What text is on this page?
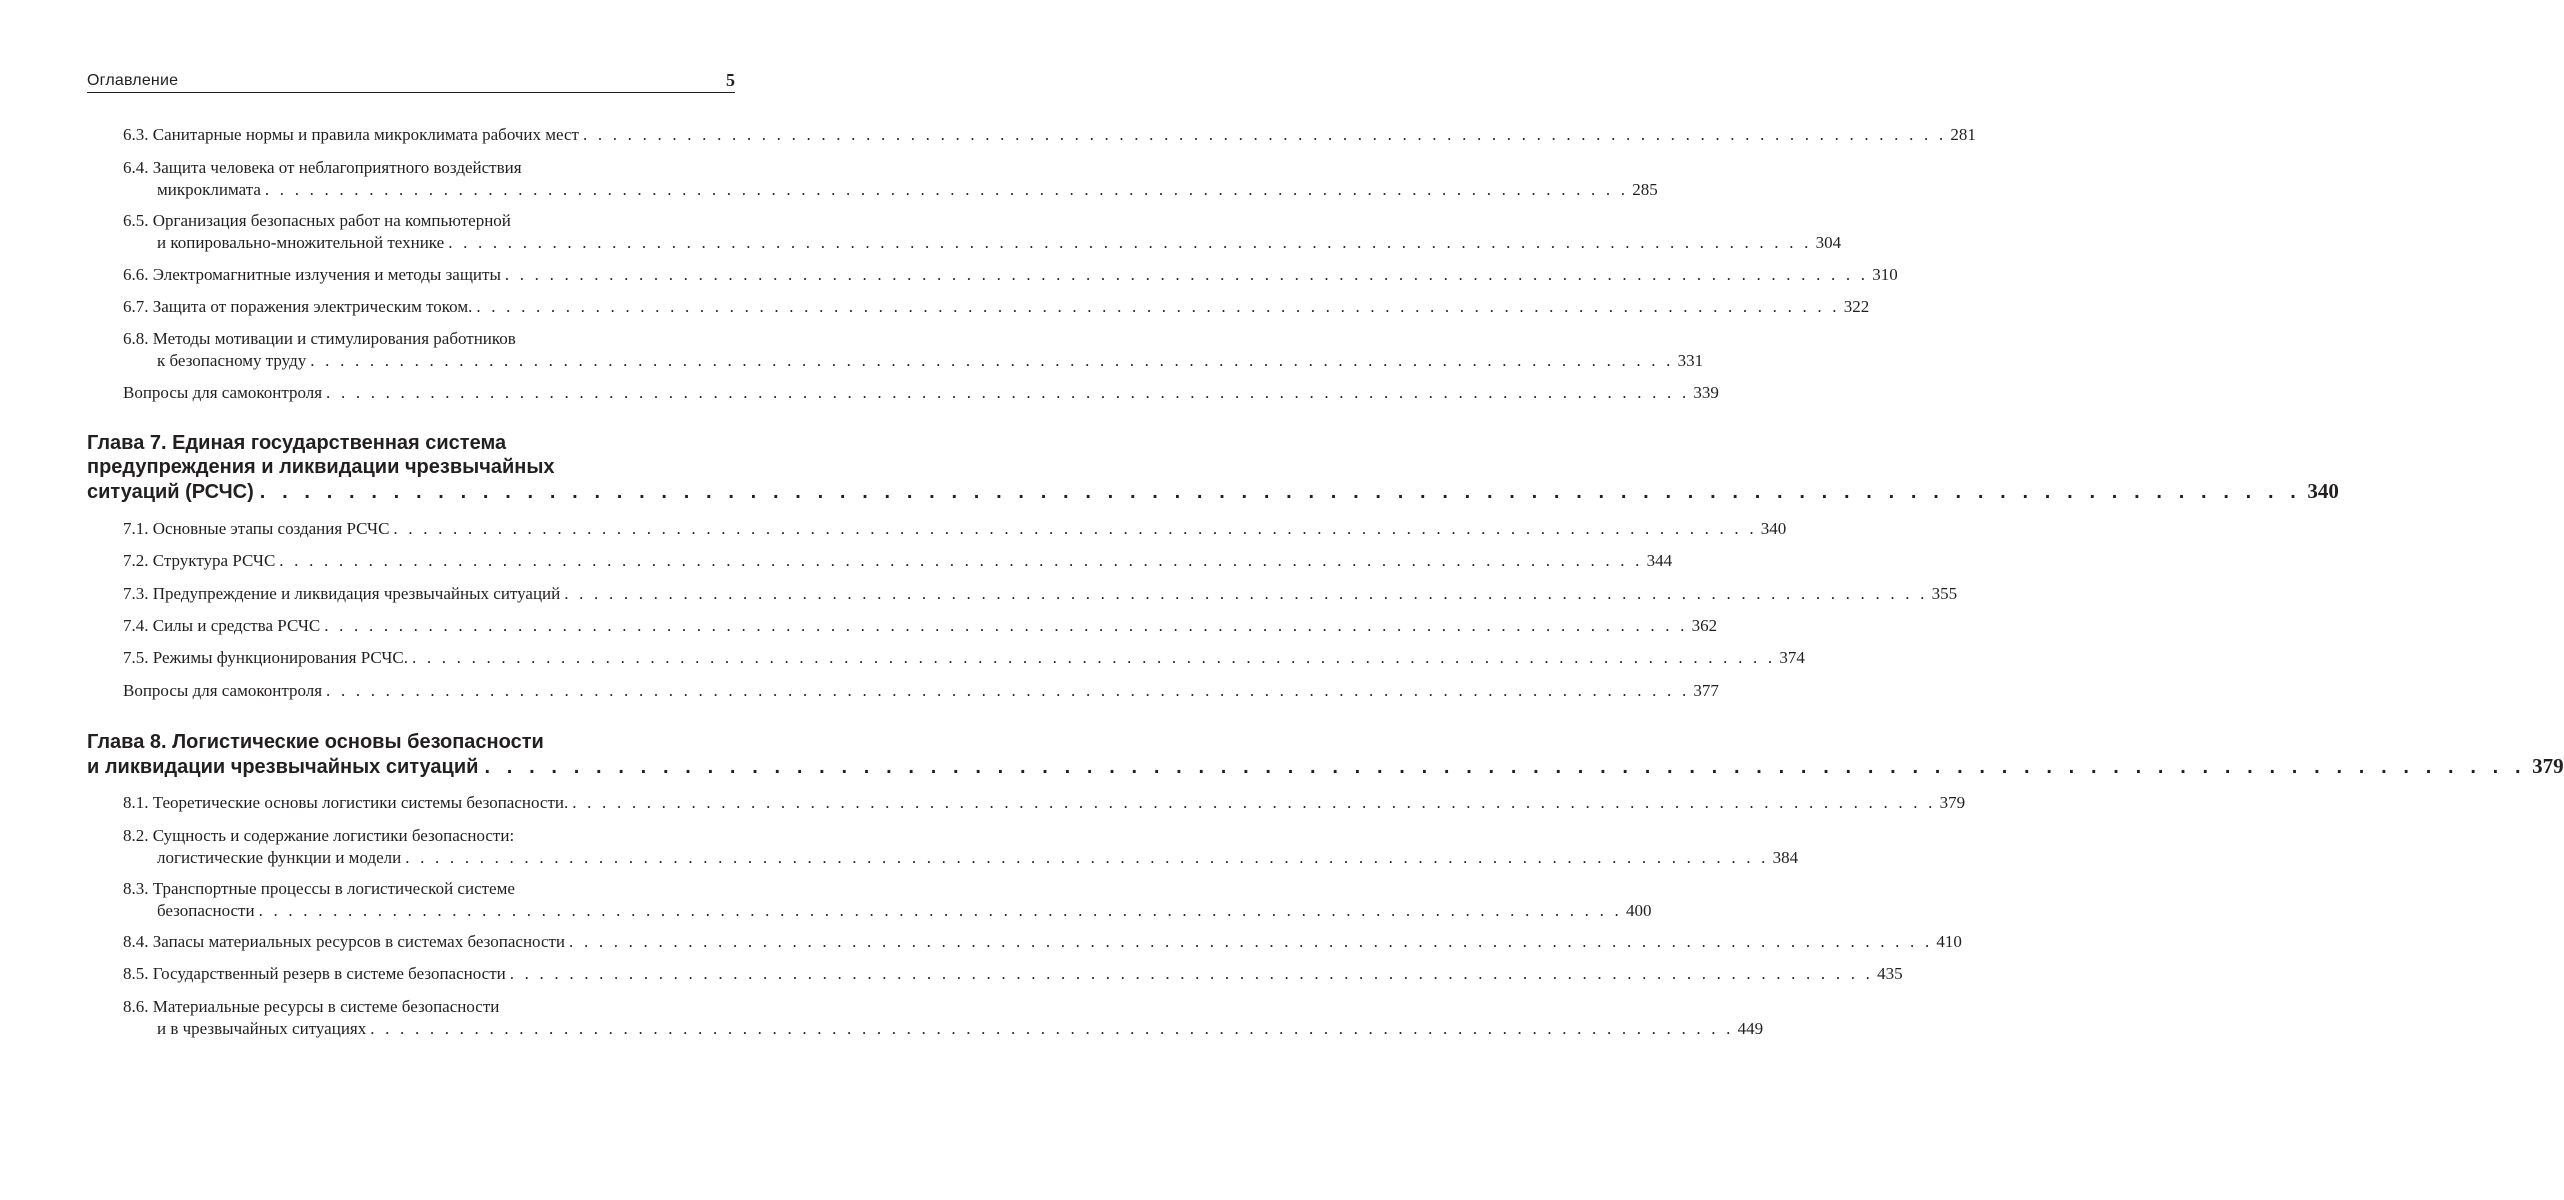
Оглавление	5
6.3. Санитарные нормы и правила микроклимата рабочих мест . . .	281
6.4. Защита человека от неблагоприятного воздействия
микроклимата . . .	285
6.5. Организация безопасных работ на компьютерной
и копировально-множительной технике . . .	304
6.6. Электромагнитные излучения и методы защиты . . .	310
6.7. Защита от поражения электрическим током. . . .	322
6.8. Методы мотивации и стимулирования работников
к безопасному труду . . .	331
Вопросы для самоконтроля . . .	339
Глава 7. Единая государственная система
предупреждения и ликвидации чрезвычайных
ситуаций (РСЧС) . . .	340
7.1. Основные этапы создания РСЧС . . .	340
7.2. Структура РСЧС . . .	344
7.3. Предупреждение и ликвидация чрезвычайных ситуаций . . .	355
7.4. Силы и средства РСЧС . . .	362
7.5. Режимы функционирования РСЧС. . . .	374
Вопросы для самоконтроля . . .	377
Глава 8. Логистические основы безопасности
и ликвидации чрезвычайных ситуаций . . .	379
8.1. Теоретические основы логистики системы безопасности. . . .	379
8.2. Сущность и содержание логистики безопасности:
логистические функции и модели . . .	384
8.3. Транспортные процессы в логистической системе
безопасности . . .	400
8.4. Запасы материальных ресурсов в системах безопасности . . .	410
8.5. Государственный резерв в системе безопасности . . .	435
8.6. Материальные ресурсы в системе безопасности
и в чрезвычайных ситуациях . . .	449
